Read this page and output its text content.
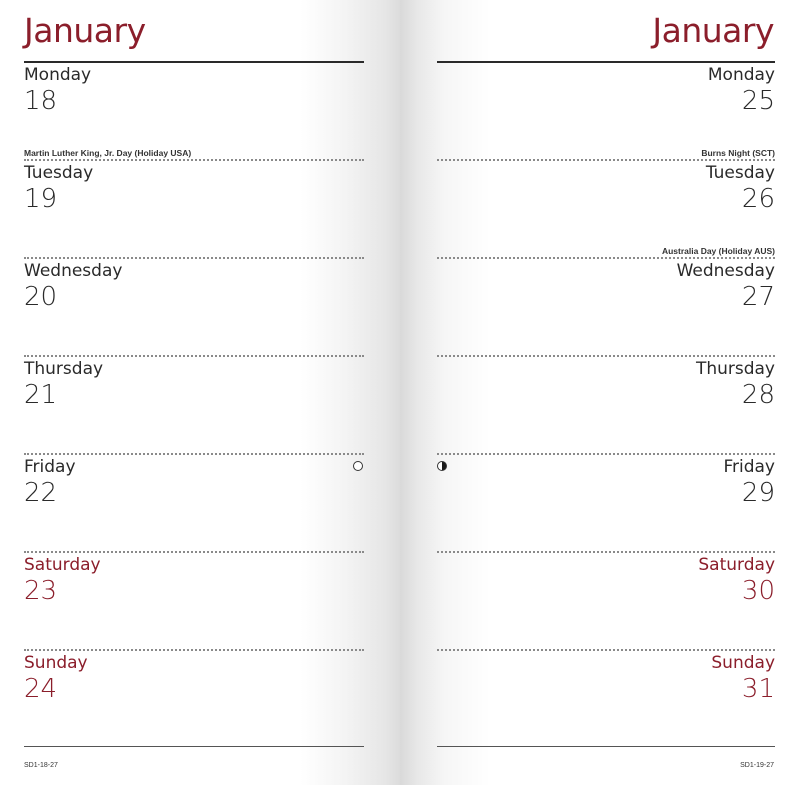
January
Monday
18
Martin Luther King, Jr. Day (Holiday USA)
Tuesday
19
Wednesday
20
Thursday
21
Friday
22
Saturday
23
Sunday
24
SD1-18-27
January
Monday
25
Burns Night (SCT)
Tuesday
26
Australia Day (Holiday AUS)
Wednesday
27
Thursday
28
Friday
29
Saturday
30
Sunday
31
SD1-19-27
